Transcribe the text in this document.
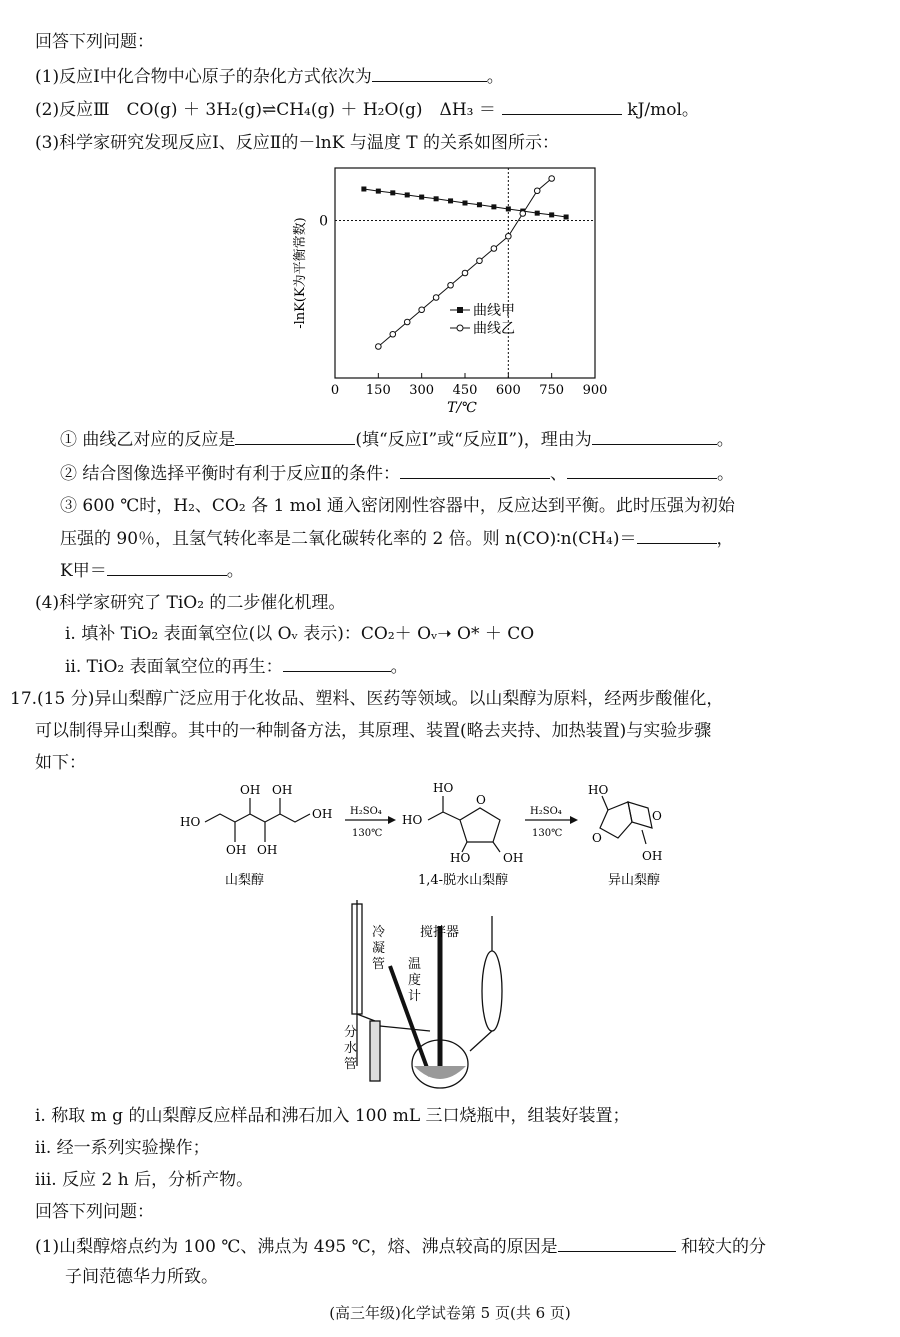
回答下列问题：
(1)反应Ⅰ中化合物中心原子的杂化方式依次为	。
(2)反应Ⅲ　CO(g) ＋ 3H₂(g)⇌CH₄(g) ＋ H₂O(g)　ΔH₃ ＝	kJ/mol。
(3)科学家研究发现反应Ⅰ、反应Ⅱ的－lnK 与温度 T 的关系如图所示：
0 150 300 450 600 750 900
0
T/℃
-lnK(K为平衡常数)	曲线甲
曲线乙
① 曲线乙对应的反应是	(填“反应Ⅰ”或“反应Ⅱ”)，理由为	。
② 结合图像选择平衡时有利于反应Ⅱ的条件：	、	。
③ 600 ℃时，H₂、CO₂ 各 1 mol 通入密闭刚性容器中，反应达到平衡。此时压强为初始
压强的 90％，且氢气转化率是二氧化碳转化率的 2 倍。则 n(CO)∶n(CH₄)＝	，
K甲＝	。
(4)科学家研究了 TiO₂ 的二步催化机理。
ⅰ. 填补 TiO₂ 表面氧空位(以 Oᵥ 表示)：CO₂＋ Oᵥ➝ O* ＋ CO
ⅱ. TiO₂ 表面氧空位的再生：	。
17.(15 分)异山梨醇广泛应用于化妆品、塑料、医药等领域。以山梨醇为原料，经两步酸催化，
可以制得异山梨醇。其中的一种制备方法，其原理、装置(略去夹持、加热装置)与实验步骤
如下：
HO
OH
OH OH
OH OH
山梨醇
H₂SO₄
130℃
HO
HO
O
HO	OH
1,4-脱水山梨醇
H₂SO₄
130℃
HO
O
O
OH
异山梨醇
冷凝管
搅拌器
温度计
分水管
ⅰ. 称取 m g 的山梨醇反应样品和沸石加入 100 mL 三口烧瓶中，组装好装置；
ⅱ. 经一系列实验操作；
ⅲ. 反应 2 h 后，分析产物。
回答下列问题：
(1)山梨醇熔点约为 100 ℃、沸点为 495 ℃，熔、沸点较高的原因是	和较大的分
子间范德华力所致。
(高三年级)化学试卷第 5 页(共 6 页)
